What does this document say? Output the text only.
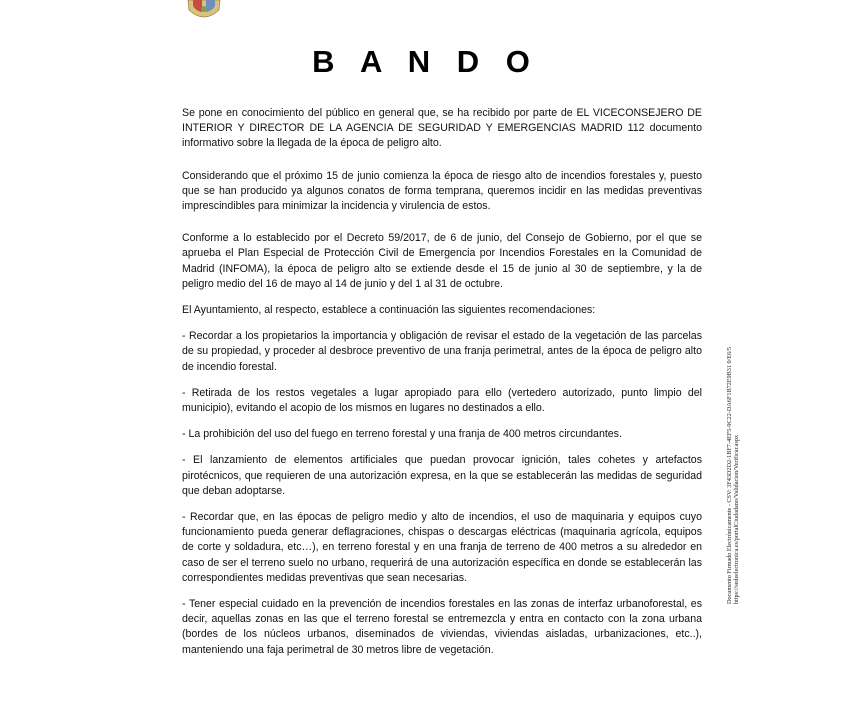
B A N D O

Se pone en conocimiento del público en general que, se ha recibido por parte de EL VICECONSEJERO DE INTERIOR Y DIRECTOR DE LA AGENCIA DE SEGURIDAD Y EMERGENCIAS MADRID 112 documento informativo sobre la llegada de la época de peligro alto.

Considerando que el próximo 15 de junio comienza la época de riesgo alto de incendios forestales y, puesto que se han producido ya algunos conatos de forma temprana, queremos incidir en las medidas preventivas imprescindibles para minimizar la incidencia y virulencia de estos.

Conforme a lo establecido por el Decreto 59/2017, de 6 de junio, del Consejo de Gobierno, por el que se aprueba el Plan Especial de Protección Civil de Emergencia por Incendios Forestales en la Comunidad de Madrid (INFOMA), la época de peligro alto se extiende desde el 15 de junio al 30 de septiembre, y la de peligro medio del 16 de mayo al 14 de junio y del 1 al 31 de octubre.

El Ayuntamiento, al respecto, establece a continuación las siguientes recomendaciones:

- Recordar a los propietarios la importancia y obligación de revisar el estado de la vegetación de las parcelas de su propiedad, y proceder al desbroce preventivo de una franja perimetral, antes de la época de peligro alto de incendio forestal.

- Retirada de los restos vegetales a lugar apropiado para ello (vertedero autorizado, punto limpio del municipio), evitando el acopio de los mismos en lugares no destinados a ello.

- La prohibición del uso del fuego en terreno forestal y una franja de 400 metros circundantes.

- El lanzamiento de elementos artificiales que puedan provocar ignición, tales cohetes y artefactos pirotécnicos, que requieren de una autorización expresa, en la que se establecerán las medidas de seguridad que deban adoptarse.

- Recordar que, en las épocas de peligro medio y alto de incendios, el uso de maquinaria y equipos cuyo funcionamiento pueda generar deflagraciones, chispas o descargas eléctricas (maquinaria agrícola, equipos de corte y soldadura, etc…), en terreno forestal y en una franja de terreno de 400 metros a su alrededor en caso de ser el terreno suelo no urbano, requerirá de una autorización específica en donde se establecerán las correspondientes medidas preventivas que sean necesarias.

- Tener especial cuidado en la prevención de incendios forestales en las zonas de interfaz urbanoforestal, es decir, aquellas zonas en las que el terreno forestal se entremezcla y entra en contacto con la zona urbana (bordes de los núcleos urbanos, diseminados de viviendas, viviendas aisladas, urbanizaciones, etc..), manteniendo una faja perimetral de 30 metros libre de vegetación.

Documento Firmado Electrónicamente - CSV: 3F43D2D2-1BF7-4EF5-9C22-DA6F1B72E9B31 0/E6/5 https://sedeelectronica.es/portalCiudadano/Validacion/Verificar.aspx
